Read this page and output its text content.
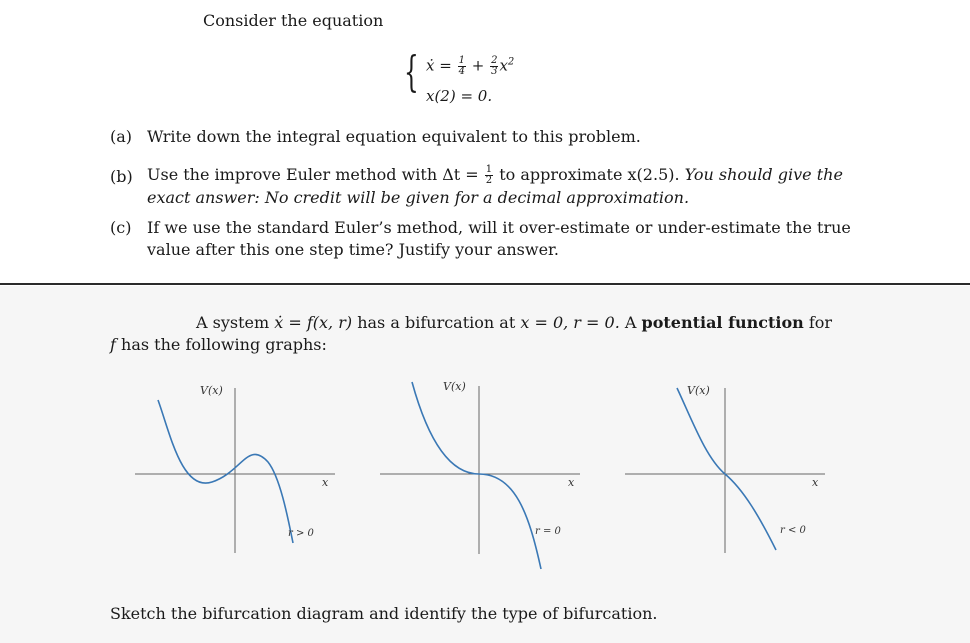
Consider the equation
{ ẋ = $\frac{1}{4} + \frac{2}{3} x^2$
x(2) = 0.
(a) Write down the integral equation equivalent to this problem.
(b) Use the improve Euler method with $\Delta t = \frac{1}{2}$ to approximate x(2.5). You should give the
exact answer: No credit will be given for a decimal approximation.
(c) If we use the standard Euler’s method, will it over-estimate or under-estimate the true
value after this one step time? Justify your answer.
A system ẋ = f(x, r) has a bifurcation at x = 0, r = 0. A potential function for
f has the following graphs:
V(x)
x
r > 0
V(x)
x
r = 0
V(x)
x
r < 0
Sketch the bifurcation diagram and identify the type of bifurcation.
